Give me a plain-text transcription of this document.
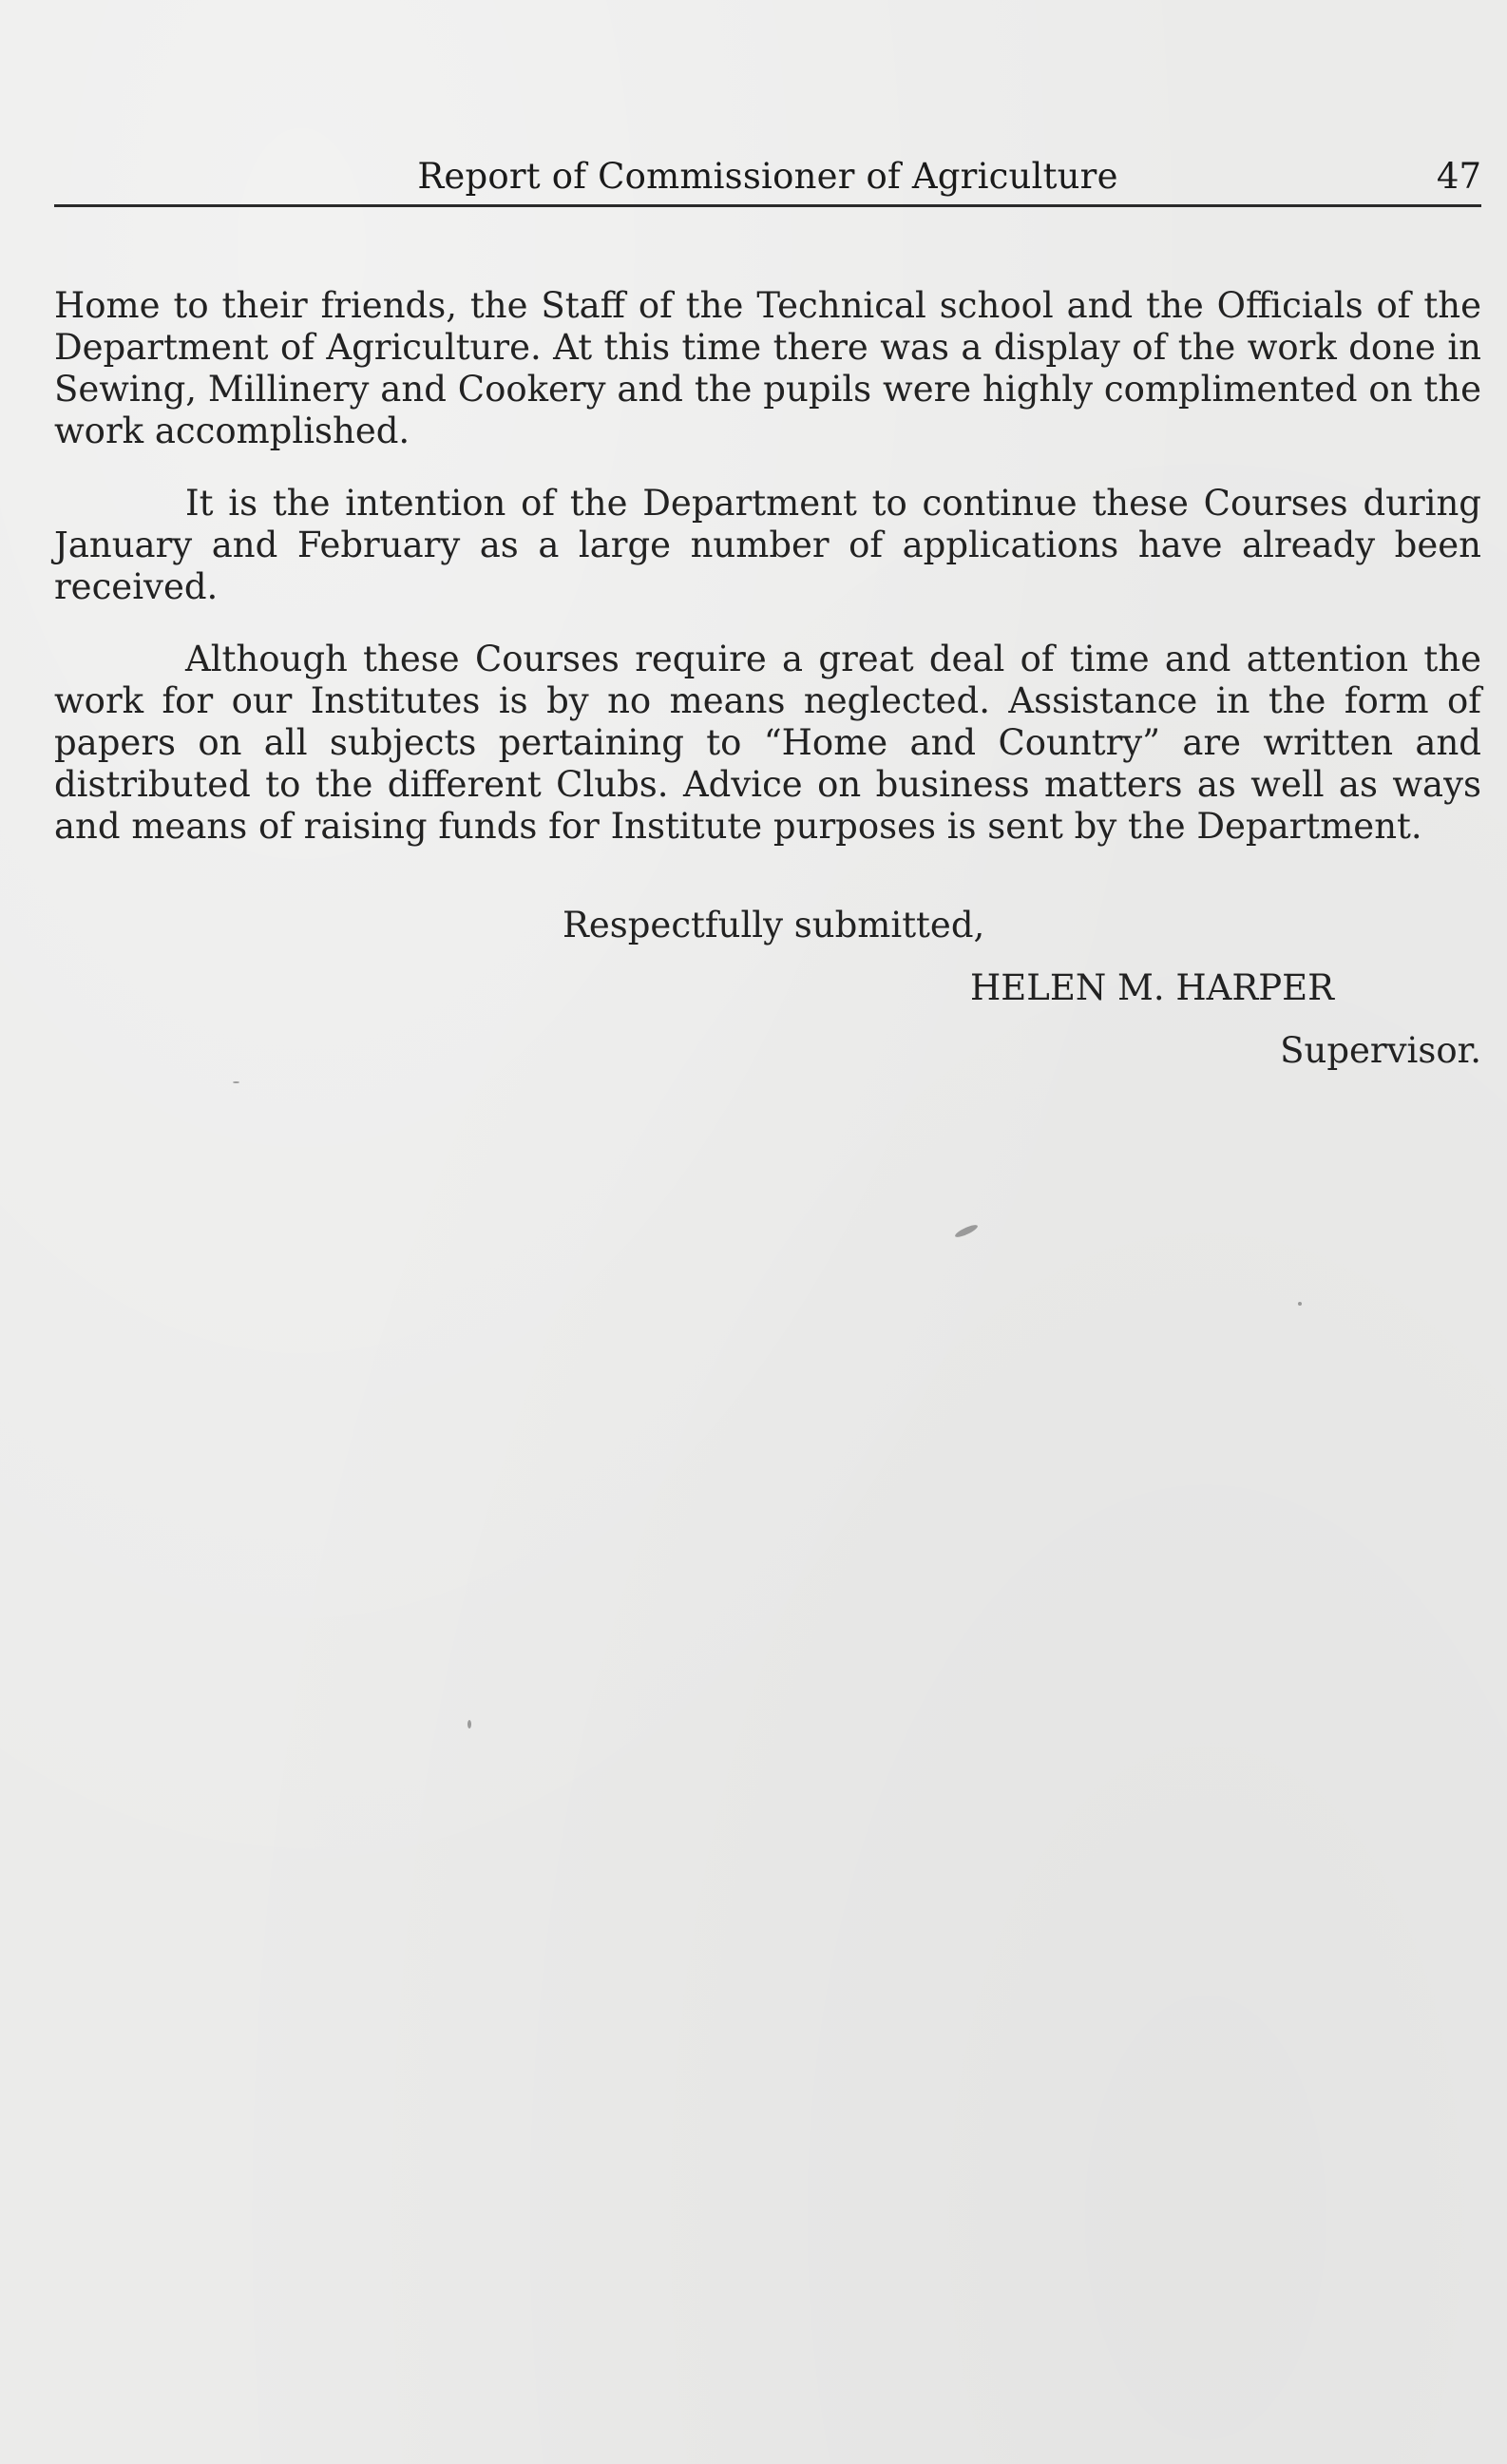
Report of Commissioner of Agriculture	47

Home to their friends, the Staff of the Technical school and the Officials of the Department of Agriculture. At this time there was a display of the work done in Sewing, Millinery and Cookery and the pupils were highly complimented on the work accomplished.

It is the intention of the Department to continue these Courses during January and February as a large number of applications have already been received.

Although these Courses require a great deal of time and attention the work for our Institutes is by no means neglected. Assistance in the form of papers on all subjects pertaining to “Home and Country” are written and distributed to the different Clubs. Advice on business matters as well as ways and means of raising funds for Institute purposes is sent by the Department.

Respectfully submitted,
HELEN M. HARPER
Supervisor.
